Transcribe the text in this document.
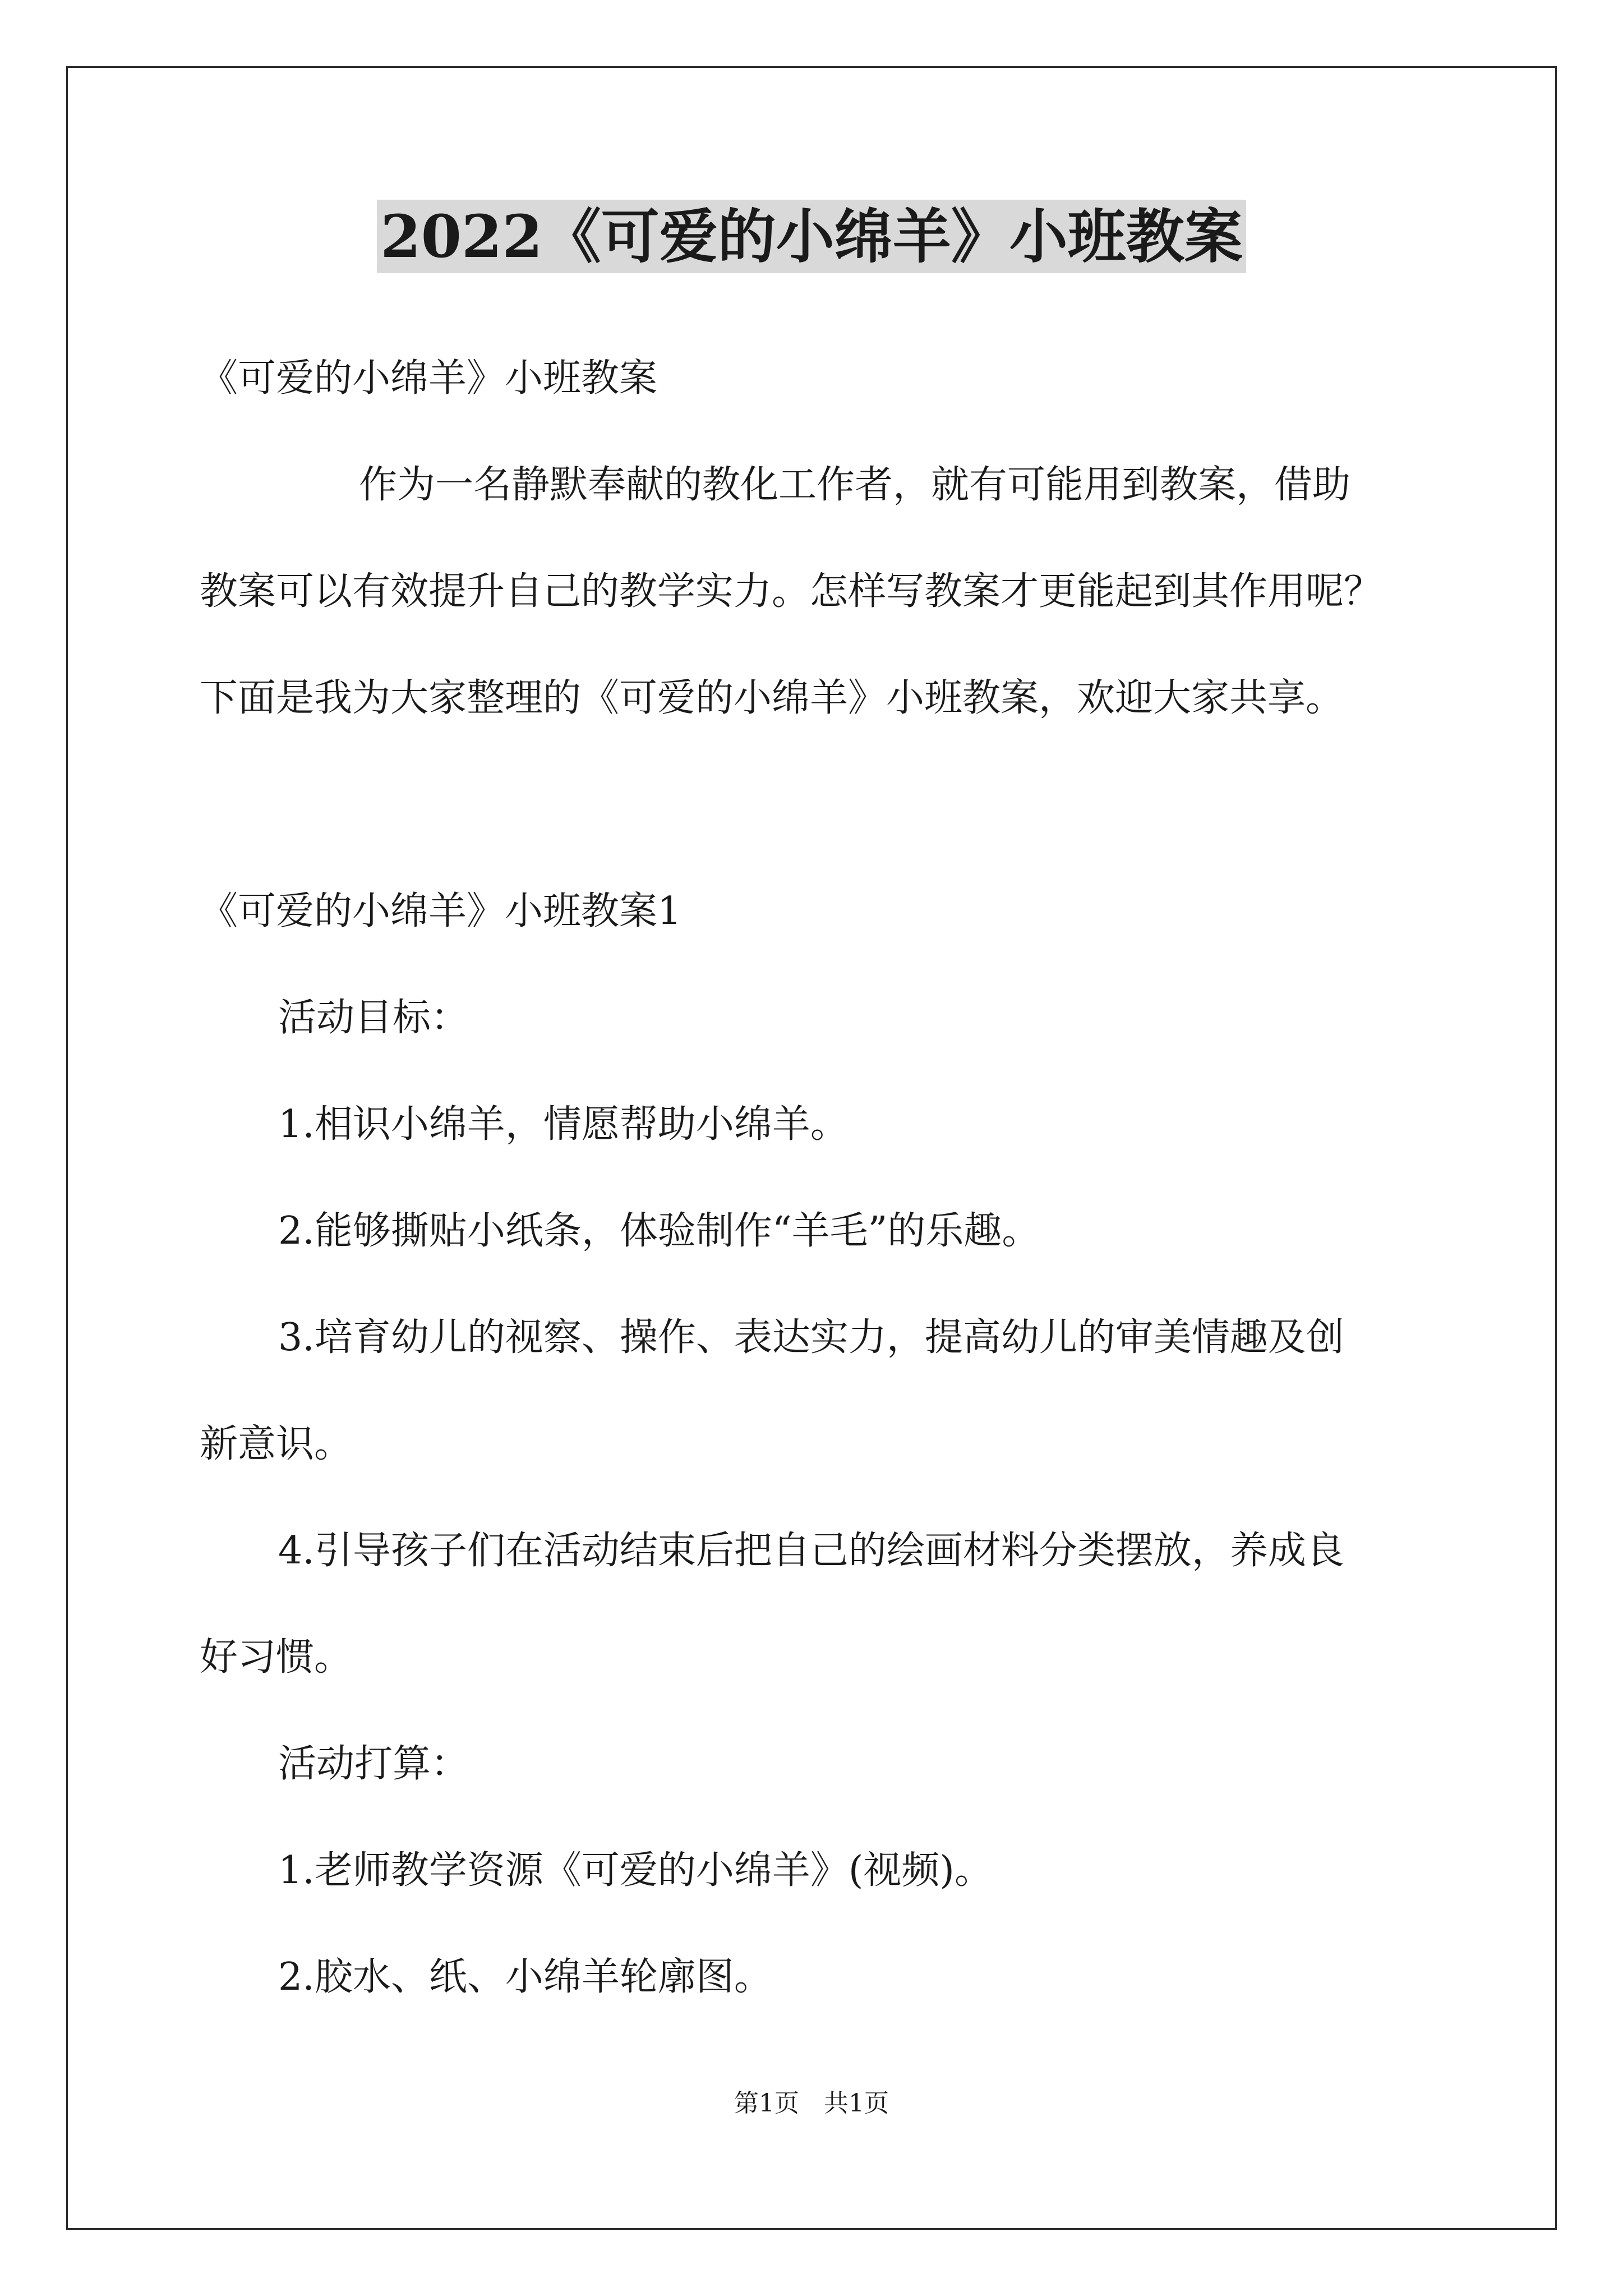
2022《可爱的小绵羊》小班教案
《可爱的小绵羊》小班教案
作为一名静默奉献的教化工作者，就有可能用到教案，借助
教案可以有效提升自己的教学实力。怎样写教案才更能起到其作用呢？
下面是我为大家整理的《可爱的小绵羊》小班教案，欢迎大家共享。
《可爱的小绵羊》小班教案1
活动目标：
1.相识小绵羊，情愿帮助小绵羊。
2.能够撕贴小纸条，体验制作“羊毛”的乐趣。
3.培育幼儿的视察、操作、表达实力，提高幼儿的审美情趣及创
新意识。
4.引导孩子们在活动结束后把自己的绘画材料分类摆放，养成良
好习惯。
活动打算：
1.老师教学资源《可爱的小绵羊》(视频)。
2.胶水、纸、小绵羊轮廓图。
第1页　共1页
